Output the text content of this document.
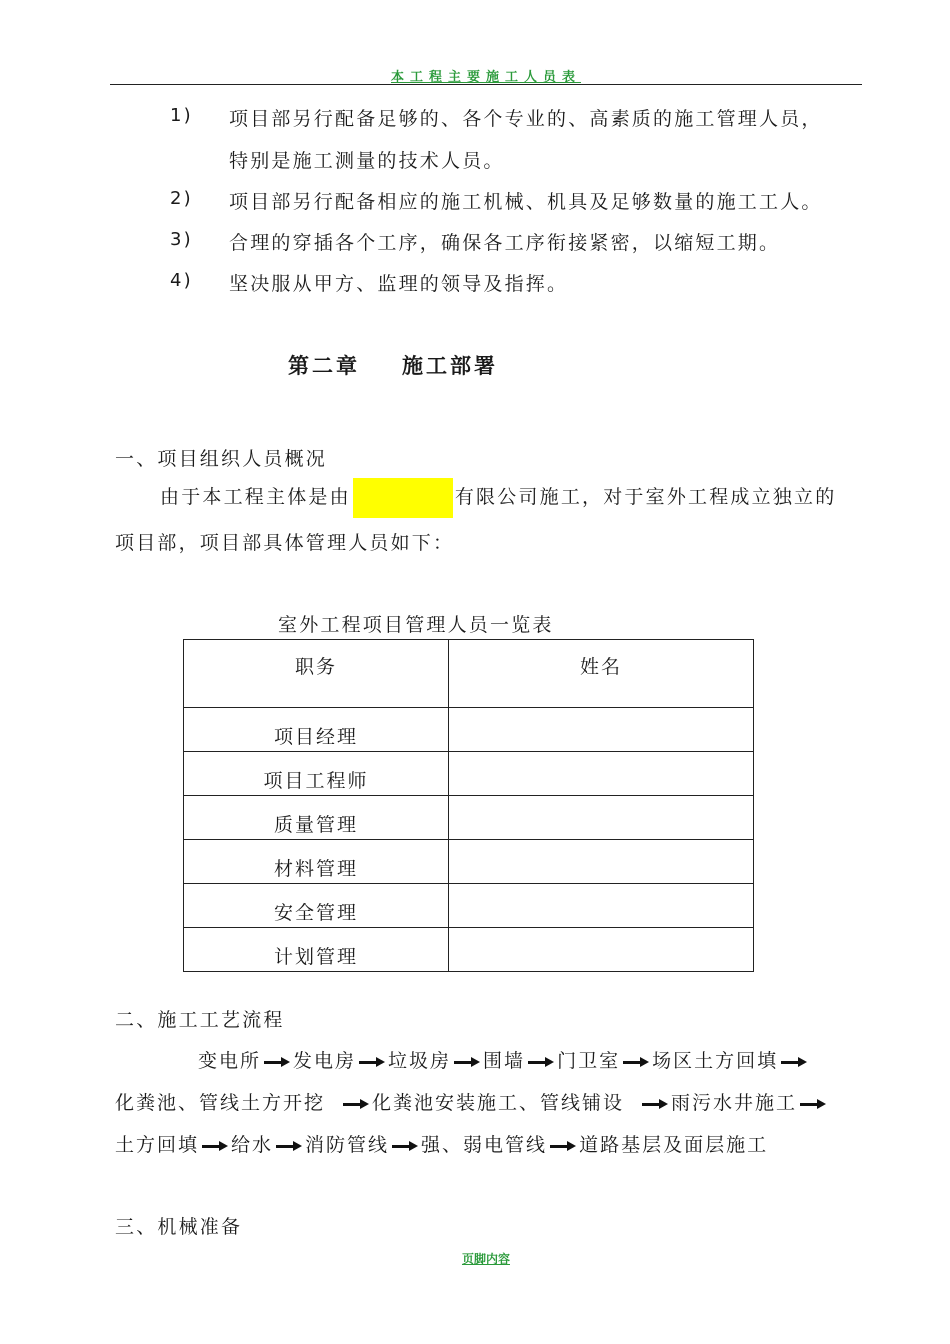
本工程主要施工人员表
1) 项目部另行配备足够的、各个专业的、高素质的施工管理人员，
特别是施工测量的技术人员。
2) 项目部另行配备相应的施工机械、机具及足够数量的施工工人。
3) 合理的穿插各个工序，确保各工序衔接紧密，以缩短工期。
4) 坚决服从甲方、监理的领导及指挥。
第二章 施工部署
一、项目组织人员概况
由于本工程主体是由	有限公司施工，对于室外工程成立独立的
项目部，项目部具体管理人员如下：
室外工程项目管理人员一览表
职务	姓名
项目经理	
项目工程师	
质量管理	
材料管理	
安全管理	
计划管理	
二、施工工艺流程
变电所 发电房 垃圾房 围墙 门卫室 场区土方回填
化粪池、管线土方开挖 化粪池安装施工、管线铺设 雨污水井施工
土方回填 给水 消防管线 强、弱电管线 道路基层及面层施工
三、机械准备
页脚内容
